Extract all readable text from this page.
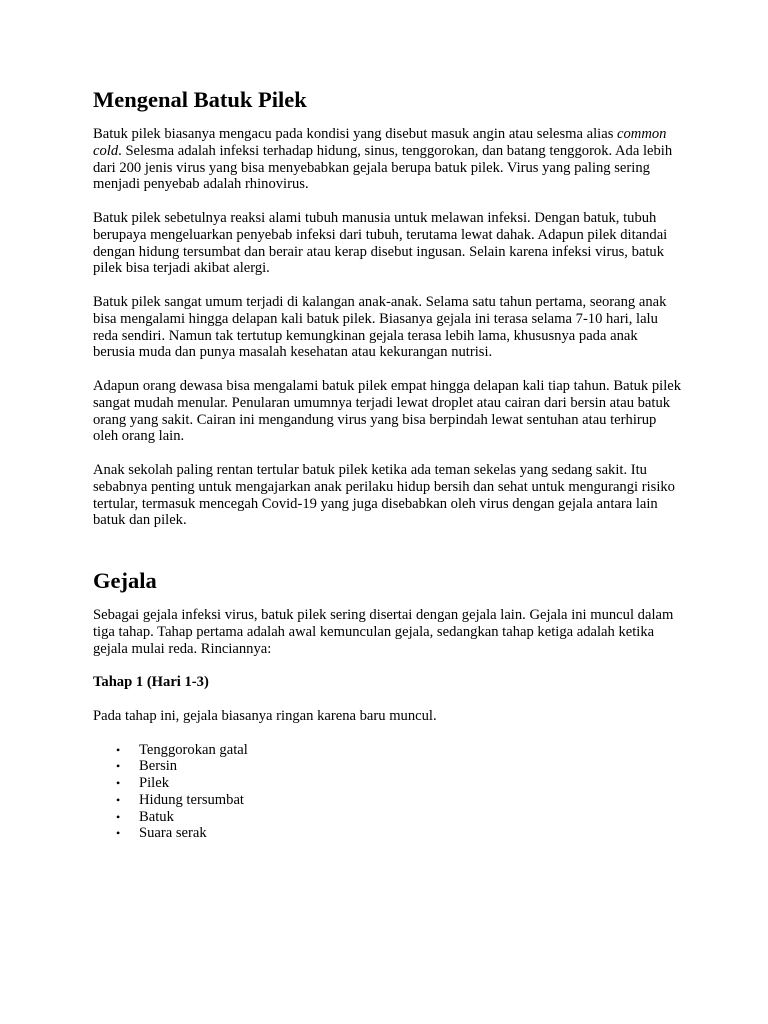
Mengenal Batuk Pilek

Batuk pilek biasanya mengacu pada kondisi yang disebut masuk angin atau selesma alias common cold. Selesma adalah infeksi terhadap hidung, sinus, tenggorokan, dan batang tenggorok. Ada lebih dari 200 jenis virus yang bisa menyebabkan gejala berupa batuk pilek. Virus yang paling sering menjadi penyebab adalah rhinovirus.

Batuk pilek sebetulnya reaksi alami tubuh manusia untuk melawan infeksi. Dengan batuk, tubuh berupaya mengeluarkan penyebab infeksi dari tubuh, terutama lewat dahak. Adapun pilek ditandai dengan hidung tersumbat dan berair atau kerap disebut ingusan. Selain karena infeksi virus, batuk pilek bisa terjadi akibat alergi.

Batuk pilek sangat umum terjadi di kalangan anak-anak. Selama satu tahun pertama, seorang anak bisa mengalami hingga delapan kali batuk pilek. Biasanya gejala ini terasa selama 7-10 hari, lalu reda sendiri. Namun tak tertutup kemungkinan gejala terasa lebih lama, khususnya pada anak berusia muda dan punya masalah kesehatan atau kekurangan nutrisi.

Adapun orang dewasa bisa mengalami batuk pilek empat hingga delapan kali tiap tahun. Batuk pilek sangat mudah menular. Penularan umumnya terjadi lewat droplet atau cairan dari bersin atau batuk orang yang sakit. Cairan ini mengandung virus yang bisa berpindah lewat sentuhan atau terhirup oleh orang lain.

Anak sekolah paling rentan tertular batuk pilek ketika ada teman sekelas yang sedang sakit. Itu sebabnya penting untuk mengajarkan anak perilaku hidup bersih dan sehat untuk mengurangi risiko tertular, termasuk mencegah Covid-19 yang juga disebabkan oleh virus dengan gejala antara lain batuk dan pilek.

Gejala

Sebagai gejala infeksi virus, batuk pilek sering disertai dengan gejala lain. Gejala ini muncul dalam tiga tahap. Tahap pertama adalah awal kemunculan gejala, sedangkan tahap ketiga adalah ketika gejala mulai reda. Rinciannya:

Tahap 1 (Hari 1-3)

Pada tahap ini, gejala biasanya ringan karena baru muncul.

• Tenggorokan gatal
• Bersin
• Pilek
• Hidung tersumbat
• Batuk
• Suara serak
